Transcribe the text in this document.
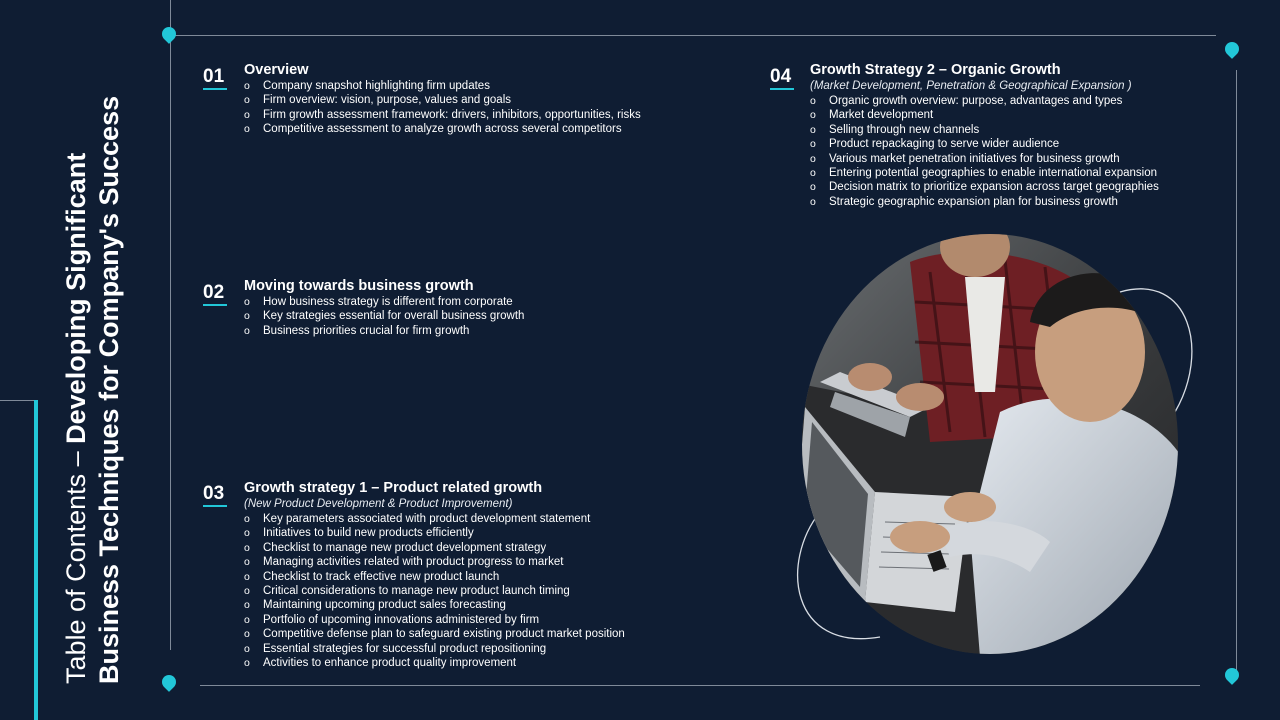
Table of Contents – Developing Significant Business Techniques for Company's Success
01 Overview
o Company snapshot highlighting firm updates
o Firm overview: vision, purpose, values and goals
o Firm growth assessment framework: drivers, inhibitors, opportunities, risks
o Competitive assessment to analyze growth across several competitors
02 Moving towards business growth
o How business strategy is different from corporate
o Key strategies essential for overall business growth
o Business priorities crucial for firm growth
03 Growth strategy 1 – Product related growth
(New Product Development & Product Improvement)
o Key parameters associated with product development statement
o Initiatives to build new products efficiently
o Checklist to manage new product development strategy
o Managing activities related with product progress to market
o Checklist to track effective new product launch
o Critical considerations to manage new product launch timing
o Maintaining upcoming product sales forecasting
o Portfolio of upcoming innovations administered by firm
o Competitive defense plan to safeguard existing product market position
o Essential strategies for successful product repositioning
o Activities to enhance product quality improvement
04 Growth Strategy 2 – Organic Growth
(Market Development, Penetration & Geographical Expansion )
o Organic growth overview: purpose, advantages and types
o Market development
o Selling through new channels
o Product repackaging to serve wider audience
o Various market penetration initiatives for business growth
o Entering potential geographies to enable international expansion
o Decision matrix to prioritize expansion across target geographies
o Strategic geographic expansion plan for business growth
